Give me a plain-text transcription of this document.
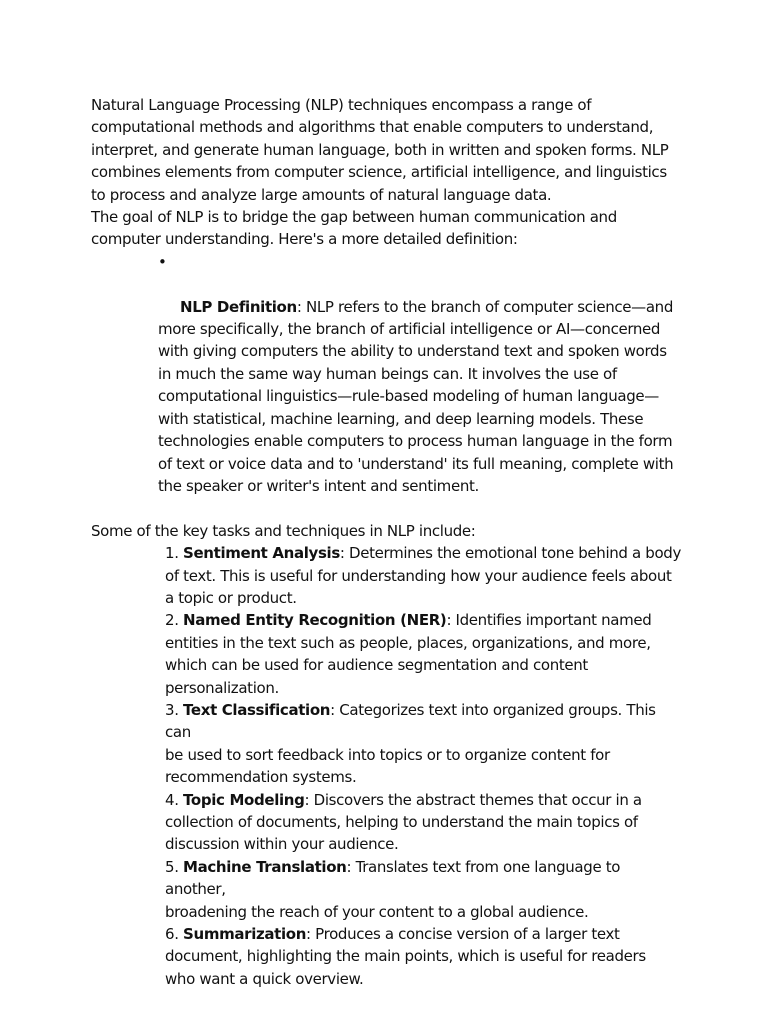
Natural Language Processing (NLP) techniques encompass a range of
computational methods and algorithms that enable computers to understand,
interpret, and generate human language, both in written and spoken forms. NLP
combines elements from computer science, artificial intelligence, and linguistics
to process and analyze large amounts of natural language data.

The goal of NLP is to bridge the gap between human communication and
computer understanding. Here's a more detailed definition:

•

NLP Definition: NLP refers to the branch of computer science—and
more specifically, the branch of artificial intelligence or AI—concerned
with giving computers the ability to understand text and spoken words
in much the same way human beings can. It involves the use of
computational linguistics—rule-based modeling of human language—
with statistical, machine learning, and deep learning models. These
technologies enable computers to process human language in the form
of text or voice data and to 'understand' its full meaning, complete with
the speaker or writer's intent and sentiment.

Some of the key tasks and techniques in NLP include:

1. Sentiment Analysis: Determines the emotional tone behind a body
of text. This is useful for understanding how your audience feels about
a topic or product.
2. Named Entity Recognition (NER): Identifies important named
entities in the text such as people, places, organizations, and more,
which can be used for audience segmentation and content
personalization.
3. Text Classification: Categorizes text into organized groups. This can
be used to sort feedback into topics or to organize content for
recommendation systems.
4. Topic Modeling: Discovers the abstract themes that occur in a
collection of documents, helping to understand the main topics of
discussion within your audience.
5. Machine Translation: Translates text from one language to another,
broadening the reach of your content to a global audience.
6. Summarization: Produces a concise version of a larger text
document, highlighting the main points, which is useful for readers
who want a quick overview.
